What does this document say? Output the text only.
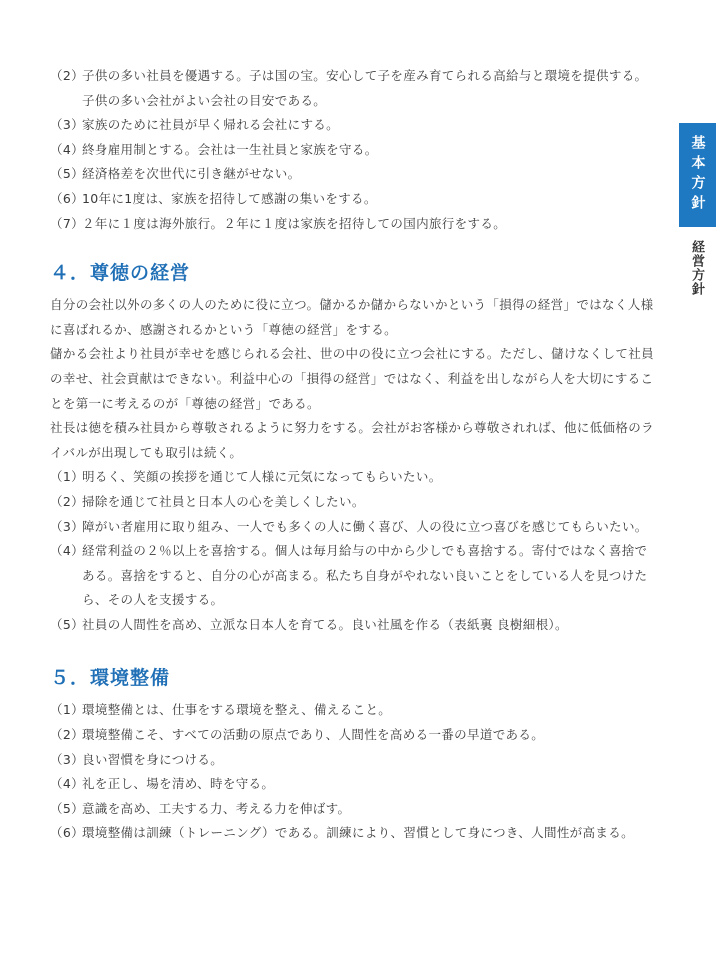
（2）
子供の多い社員を優遇する。子は国の宝。安心して子を産み育てられる高給与と環境を提供する。子供の多い会社がよい会社の目安である。
（3）
家族のために社員が早く帰れる会社にする。
（4）
終身雇用制とする。会社は一生社員と家族を守る。
（5）
経済格差を次世代に引き継がせない。
（6）
10年に1度は、家族を招待して感謝の集いをする。
（7）
２年に１度は海外旅行。２年に１度は家族を招待しての国内旅行をする。
４．尊徳の経営
自分の会社以外の多くの人のために役に立つ。儲かるか儲からないかという「損得の経営」ではなく人様に喜ばれるか、感謝されるかという「尊徳の経営」をする。
儲かる会社より社員が幸せを感じられる会社、世の中の役に立つ会社にする。ただし、儲けなくして社員の幸せ、社会貢献はできない。利益中心の「損得の経営」ではなく、利益を出しながら人を大切にすることを第一に考えるのが「尊徳の経営」である。
社長は徳を積み社員から尊敬されるように努力をする。会社がお客様から尊敬されれば、他に低価格のライバルが出現しても取引は続く。
（1）
明るく、笑顔の挨拶を通じて人様に元気になってもらいたい。
（2）
掃除を通じて社員と日本人の心を美しくしたい。
（3）
障がい者雇用に取り組み、一人でも多くの人に働く喜び、人の役に立つ喜びを感じてもらいたい。
（4）
経常利益の２％以上を喜捨する。個人は毎月給与の中から少しでも喜捨する。寄付ではなく喜捨である。喜捨をすると、自分の心が高まる。私たち自身がやれない良いことをしている人を見つけたら、その人を支援する。
（5）
社員の人間性を高め、立派な日本人を育てる。良い社風を作る（表紙裏 良樹細根）。
５．環境整備
（1）
環境整備とは、仕事をする環境を整え、備えること。
（2）
環境整備こそ、すべての活動の原点であり、人間性を高める一番の早道である。
（3）
良い習慣を身につける。
（4）
礼を正し、場を清め、時を守る。
（5）
意識を高め、工夫する力、考える力を伸ばす。
（6）
環境整備は訓練（トレーニング）である。訓練により、習慣として身につき、人間性が高まる。
基本方針
経営方針
